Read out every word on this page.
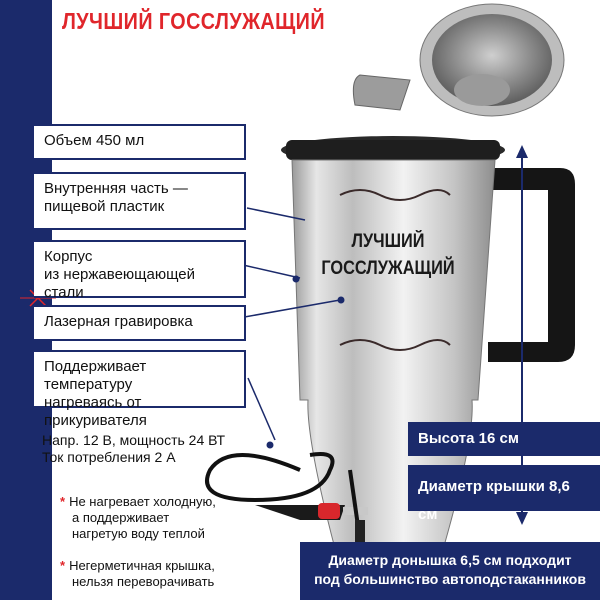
ЛУЧШИЙ ГОССЛУЖАЩИЙ
ЛУЧШИЙ
ГОССЛУЖАЩИЙ
Объем 450 мл
Внутренняя часть —
пищевой пластик
Корпус
из нержавеющающей стали
Лазерная гравировка
Поддерживает температуру
нагреваясь от прикуривателя
Напр. 12 В, мощность 24 ВТ
Ток потребления 2 А
* Не нагревает холодную,
а поддерживает
нагретую воду теплой
* Негерметичная крышка,
нельзя переворачивать
Высота 16 см
Диаметр крышки 8,6 см
Диаметр донышка 6,5 см подходит
под большинство автоподстаканников
